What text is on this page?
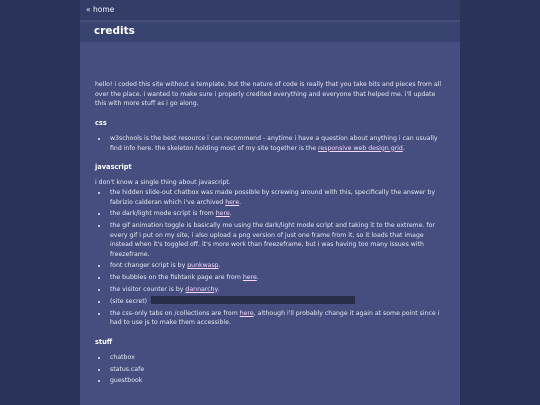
« home
credits

hello! i coded this site without a template, but the nature of code is really that you take bits and pieces from all over the place. i wanted to make sure i properly credited everything and everyone that helped me. i'll update this with more stuff as i go along.

css
• w3schools is the best resource i can recommend - anytime i have a question about anything i can usually find info here. the skeleton holding most of my site together is the responsive web design grid.
javascript
i don't know a single thing about javascript.
• the hidden slide-out chatbox was made possible by screwing around with this, specifically the answer by fabrizio calderan which i've archived here.
• the dark/light mode script is from here.
• the gif animation toggle is basically me using the dark/light mode script and taking it to the extreme. for every gif i put on my site, i also upload a png version of just one frame from it, so it loads that image instead when it's toggled off. it's more work than freezeframe, but i was having too many issues with freezeframe.
• font changer script is by punkwasp.
• the bubbles on the fishtank page are from here.
• the visitor counter is by dannarchy.
• (site secret)
• the css-only tabs on /collections are from here, although i'll probably change it again at some point since i had to use js to make them accessible.
stuff
• chatbox
• status.cafe
• guestbook
